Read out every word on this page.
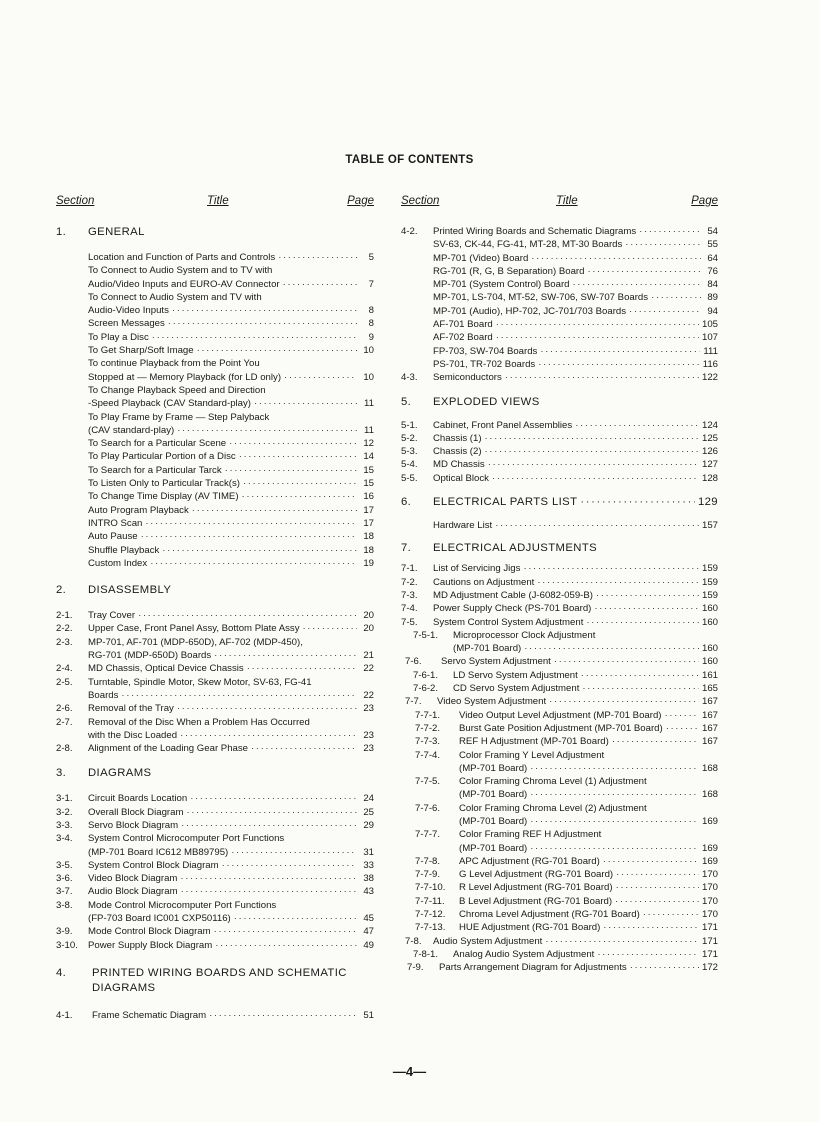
TABLE OF CONTENTS
Section	Title	Page
1. GENERAL
Location and Function of Parts and Controls ·····	5
To Connect to Audio System and to TV with
Audio/Video Inputs and EURO-AV Connector ·····	7
To Connect to Audio System and TV with
Audio-Video Inputs ·····	8
Screen Messages ·····	8
To Play a Disc ·····	9
To Get Sharp/Soft Image ·····	10
To continue Playback from the Point You
Stopped at — Memory Playback (for LD only) ·····	10
To Change Playback Speed and Direction
-Speed Playback (CAV Standard-play) ·····	11
To Play Frame by Frame — Step Palyback
(CAV standard-play) ·····	11
To Search for a Particular Scene ·····	12
To Play Particular Portion of a Disc ·····	14
To Search for a Particular Tarck ·····	15
To Listen Only to Particular Track(s) ·····	15
To Change Time Display (AV TIME) ·····	16
Auto Program Playback ·····	17
INTRO Scan ·····	17
Auto Pause ·····	18
Shuffle Playback ·····	18
Custom Index ·····	19
2. DISASSEMBLY
2-1. Tray Cover ·····	20
2-2. Upper Case, Front Panel Assy, Bottom Plate Assy ·····	20
2-3. MP-701, AF-701 (MDP-650D), AF-702 (MDP-450),
RG-701 (MDP-650D) Boards ·····	21
2-4. MD Chassis, Optical Device Chassis ·····	22
2-5. Turntable, Spindle Motor, Skew Motor, SV-63, FG-41
Boards ·····	22
2-6. Removal of the Tray ·····	23
2-7. Removal of the Disc When a Problem Has Occurred
with the Disc Loaded ·····	23
2-8. Alignment of the Loading Gear Phase ·····	23
3. DIAGRAMS
3-1. Circuit Boards Location ·····	24
3-2. Overall Block Diagram ·····	25
3-3. Servo Block Diagram ·····	29
3-4. System Control Microcomputer Port Functions
(MP-701 Board IC612 MB89795) ·····	31
3-5. System Control Block Diagram ·····	33
3-6. Video Block Diagram ·····	38
3-7. Audio Block Diagram ·····	43
3-8. Mode Control Microcomputer Port Functions
(FP-703 Board IC001 CXP50116) ·····	45
3-9. Mode Control Block Diagram ·····	47
3-10. Power Supply Block Diagram ·····	49
4. PRINTED WIRING BOARDS AND SCHEMATIC
DIAGRAMS
4-1. Frame Schematic Diagram ·····	51
Section	Title	Page
4-2. Printed Wiring Boards and Schematic Diagrams ·····	54
SV-63, CK-44, FG-41, MT-28, MT-30 Boards ·····	55
MP-701 (Video) Board ·····	64
RG-701 (R, G, B Separation) Board ·····	76
MP-701 (System Control) Board ·····	84
MP-701, LS-704, MT-52, SW-706, SW-707 Boards ·····	89
MP-701 (Audio), HP-702, JC-701/703 Boards ·····	94
AF-701 Board ·····	105
AF-702 Board ·····	107
FP-703, SW-704 Boards ·····	111
PS-701, TR-702 Boards ·····	116
4-3. Semiconductors ·····	122
5. EXPLODED VIEWS
5-1. Cabinet, Front Panel Assemblies ·····	124
5-2. Chassis (1) ·····	125
5-3. Chassis (2) ·····	126
5-4. MD Chassis ·····	127
5-5. Optical Block ·····	128
6. ELECTRICAL PARTS LIST ·····	129
Hardware List ·····	157
7. ELECTRICAL ADJUSTMENTS
7-1. List of Servicing Jigs ·····	159
7-2. Cautions on Adjustment ·····	159
7-3. MD Adjustment Cable (J-6082-059-B) ·····	159
7-4. Power Supply Check (PS-701 Board) ·····	160
7-5. System Control System Adjustment ·····	160
7-5-1. Microprocessor Clock Adjustment
(MP-701 Board) ·····	160
7-6. Servo System Adjustment ·····	160
7-6-1. LD Servo System Adjustment ·····	161
7-6-2. CD Servo System Adjustment ·····	165
7-7. Video System Adjustment ·····	167
7-7-1. Video Output Level Adjustment (MP-701 Board) ·····	167
7-7-2. Burst Gate Position Adjustment (MP-701 Board) ·····	167
7-7-3. REF H Adjustment (MP-701 Board) ·····	167
7-7-4. Color Framing Y Level Adjustment
(MP-701 Board) ·····	168
7-7-5. Color Framing Chroma Level (1) Adjustment
(MP-701 Board) ·····	168
7-7-6. Color Framing Chroma Level (2) Adjustment
(MP-701 Board) ·····	169
7-7-7. Color Framing REF H Adjustment
(MP-701 Board) ·····	169
7-7-8. APC Adjustment (RG-701 Board) ·····	169
7-7-9. G Level Adjustment (RG-701 Board) ·····	170
7-7-10. R Level Adjustment (RG-701 Board) ·····	170
7-7-11. B Level Adjustment (RG-701 Board) ·····	170
7-7-12. Chroma Level Adjustment (RG-701 Board) ·····	170
7-7-13. HUE Adjustment (RG-701 Board) ·····	171
7-8. Audio System Adjustment ·····	171
7-8-1. Analog Audio System Adjustment ·····	171
7-9. Parts Arrangement Diagram for Adjustments ·····	172
—4—
